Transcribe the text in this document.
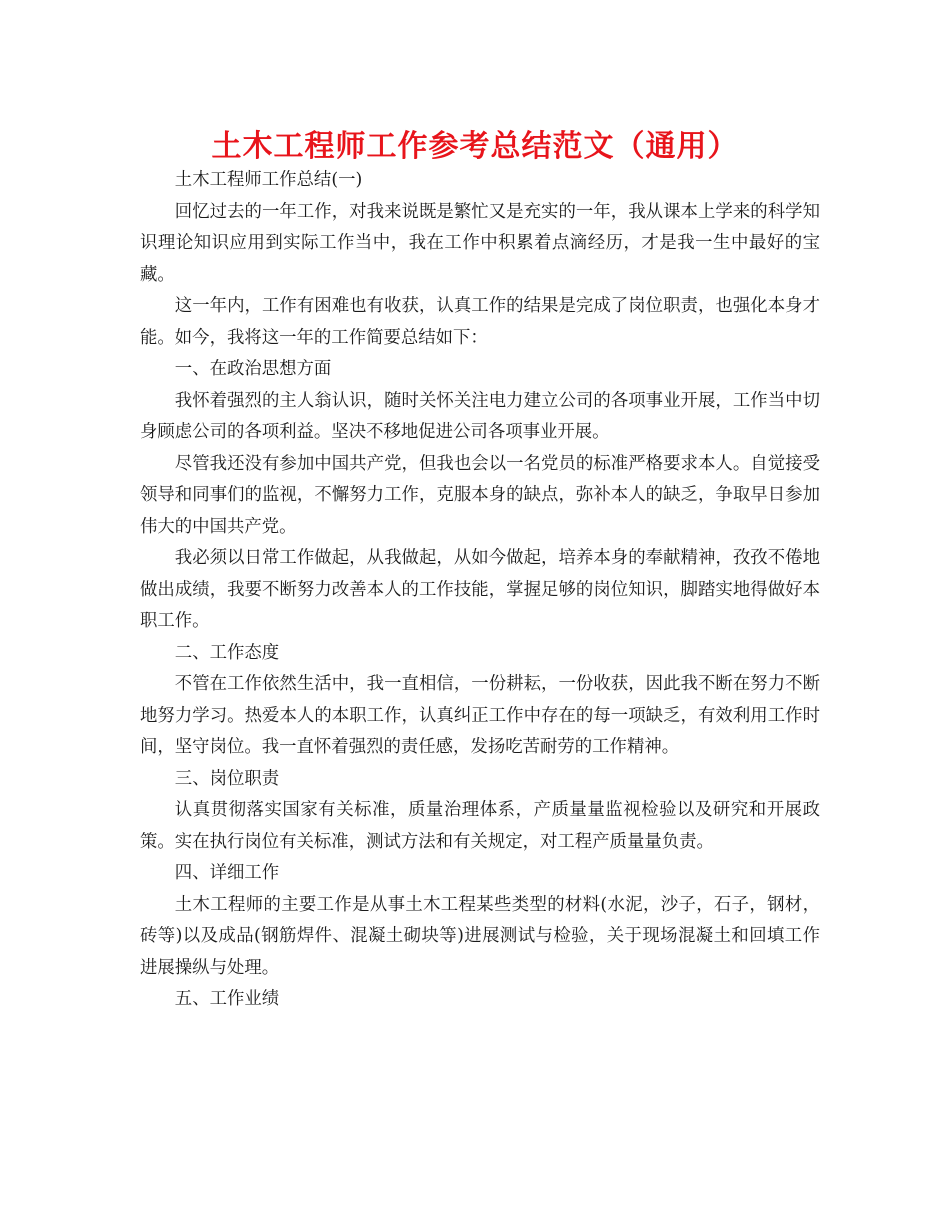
土木工程师工作参考总结范文（通用）

土木工程师工作总结(一)

回忆过去的一年工作，对我来说既是繁忙又是充实的一年，我从课本上学来的科学知识理论知识应用到实际工作当中，我在工作中积累着点滴经历，才是我一生中最好的宝藏。

这一年内，工作有困难也有收获，认真工作的结果是完成了岗位职责，也强化本身才能。如今，我将这一年的工作简要总结如下：

一、在政治思想方面

我怀着强烈的主人翁认识，随时关怀关注电力建立公司的各项事业开展，工作当中切身顾虑公司的各项利益。坚决不移地促进公司各项事业开展。

尽管我还没有参加中国共产党，但我也会以一名党员的标准严格要求本人。自觉接受领导和同事们的监视，不懈努力工作，克服本身的缺点，弥补本人的缺乏，争取早日参加伟大的中国共产党。

我必须以日常工作做起，从我做起，从如今做起，培养本身的奉献精神，孜孜不倦地做出成绩，我要不断努力改善本人的工作技能，掌握足够的岗位知识，脚踏实地得做好本职工作。

二、工作态度

不管在工作依然生活中，我一直相信，一份耕耘，一份收获，因此我不断在努力不断地努力学习。热爱本人的本职工作，认真纠正工作中存在的每一项缺乏，有效利用工作时间，坚守岗位。我一直怀着强烈的责任感，发扬吃苦耐劳的工作精神。

三、岗位职责

认真贯彻落实国家有关标准，质量治理体系，产质量量监视检验以及研究和开展政策。实在执行岗位有关标准，测试方法和有关规定，对工程产质量量负责。

四、详细工作

土木工程师的主要工作是从事土木工程某些类型的材料(水泥，沙子，石子，钢材，砖等)以及成品(钢筋焊件、混凝土砌块等)进展测试与检验，关于现场混凝土和回填工作进展操纵与处理。

五、工作业绩
